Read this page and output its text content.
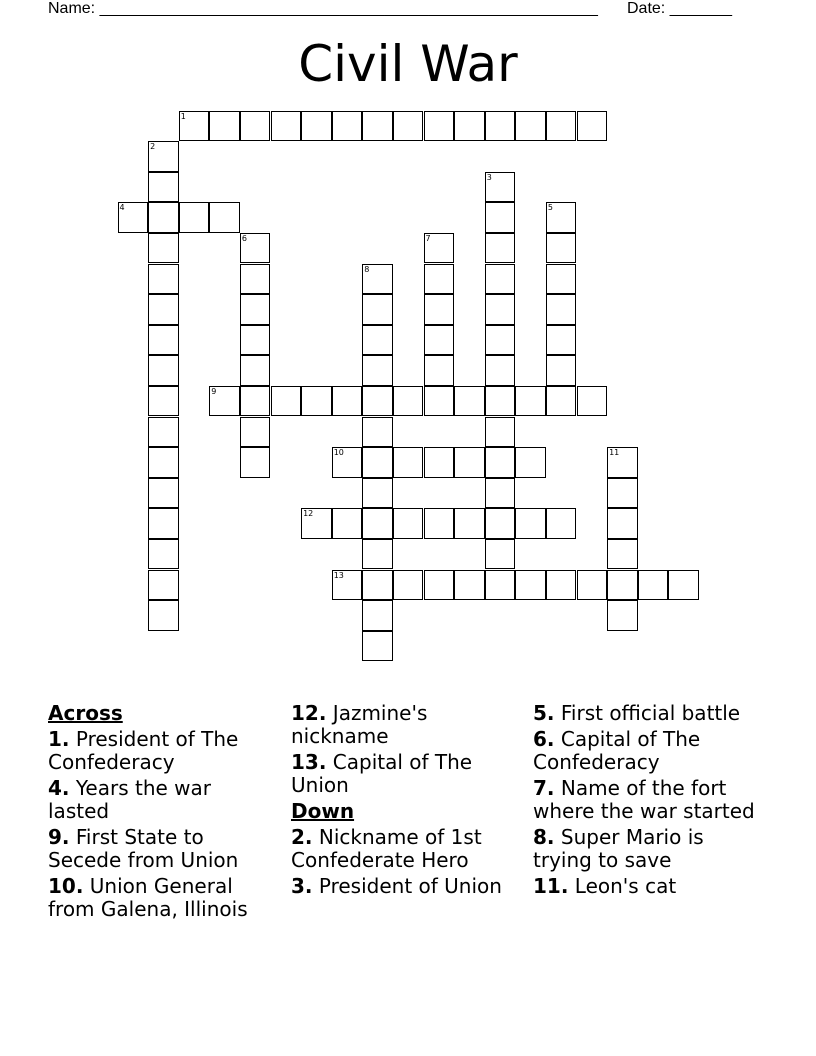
Name: ________________________________________________________ Date: _______
Civil War
1
2
3
4	5
6	7
8
9
10	11
12
13
Across
1. President of The Confederacy
4. Years the war lasted
9. First State to Secede from Union
10. Union General from Galena, Illinois
12. Jazmine's nickname
13. Capital of The Union
Down
2. Nickname of 1st Confederate Hero
3. President of Union
5. First official battle
6. Capital of The Confederacy
7. Name of the fort where the war started
8. Super Mario is trying to save
11. Leon's cat
